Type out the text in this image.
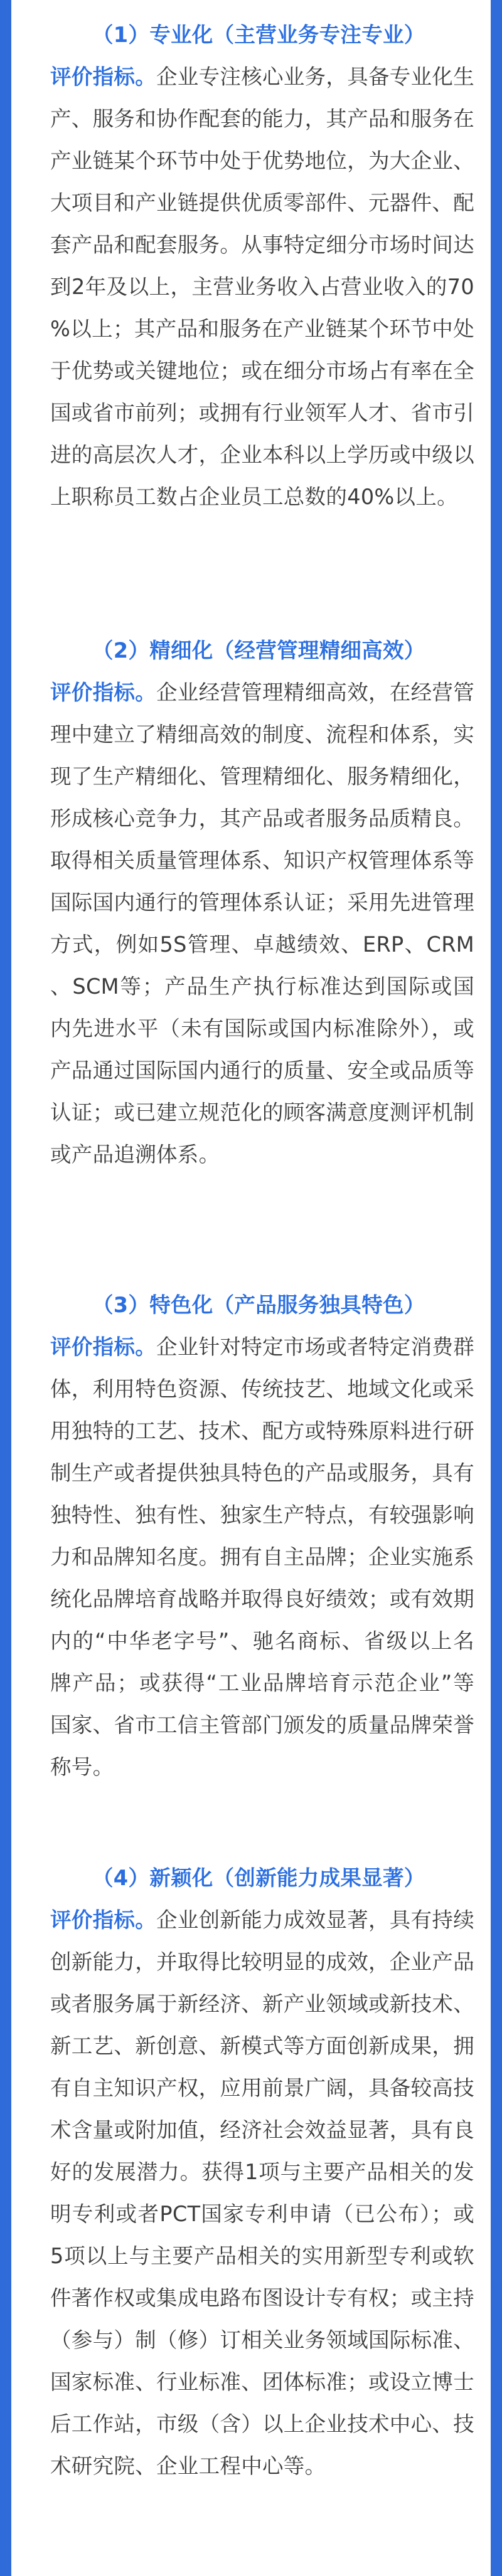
（1）专业化（主营业务专注专业）

评价指标。企业专注核心业务，具备专业化生产、服务和协作配套的能力，其产品和服务在产业链某个环节中处于优势地位，为大企业、大项目和产业链提供优质零部件、元器件、配套产品和配套服务。从事特定细分市场时间达到2年及以上，主营业务收入占营业收入的70%以上；其产品和服务在产业链某个环节中处于优势或关键地位；或在细分市场占有率在全国或省市前列；或拥有行业领军人才、省市引进的高层次人才，企业本科以上学历或中级以上职称员工数占企业员工总数的40%以上。

（2）精细化（经营管理精细高效）

评价指标。企业经营管理精细高效，在经营管理中建立了精细高效的制度、流程和体系，实现了生产精细化、管理精细化、服务精细化，形成核心竞争力，其产品或者服务品质精良。取得相关质量管理体系、知识产权管理体系等国际国内通行的管理体系认证；采用先进管理方式，例如5S管理、卓越绩效、ERP、CRM、SCM等；产品生产执行标准达到国际或国内先进水平（未有国际或国内标准除外），或产品通过国际国内通行的质量、安全或品质等认证；或已建立规范化的顾客满意度测评机制或产品追溯体系。

（3）特色化（产品服务独具特色）

评价指标。企业针对特定市场或者特定消费群体，利用特色资源、传统技艺、地域文化或采用独特的工艺、技术、配方或特殊原料进行研制生产或者提供独具特色的产品或服务，具有独特性、独有性、独家生产特点，有较强影响力和品牌知名度。拥有自主品牌；企业实施系统化品牌培育战略并取得良好绩效；或有效期内的“中华老字号”、驰名商标、省级以上名牌产品；或获得“工业品牌培育示范企业”等国家、省市工信主管部门颁发的质量品牌荣誉称号。

（4）新颖化（创新能力成果显著）

评价指标。企业创新能力成效显著，具有持续创新能力，并取得比较明显的成效，企业产品或者服务属于新经济、新产业领域或新技术、新工艺、新创意、新模式等方面创新成果，拥有自主知识产权，应用前景广阔，具备较高技术含量或附加值，经济社会效益显著，具有良好的发展潜力。获得1项与主要产品相关的发明专利或者PCT国家专利申请（已公布）；或5项以上与主要产品相关的实用新型专利或软件著作权或集成电路布图设计专有权；或主持（参与）制（修）订相关业务领域国际标准、国家标准、行业标准、团体标准；或设立博士后工作站，市级（含）以上企业技术中心、技术研究院、企业工程中心等。
